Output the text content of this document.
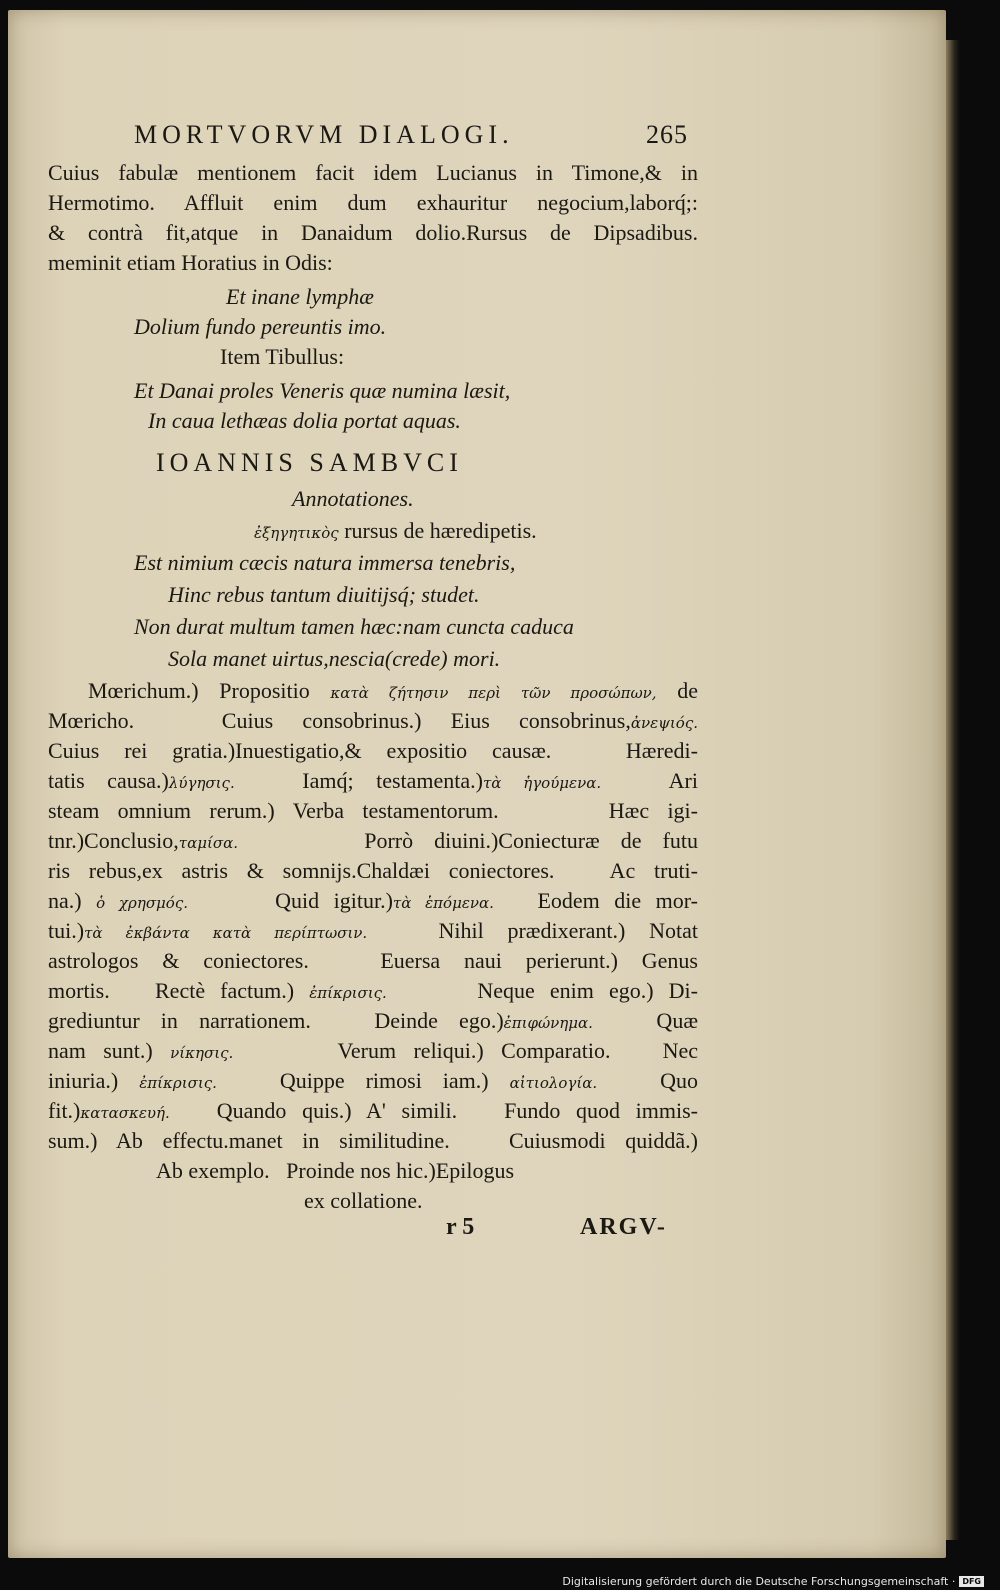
MORTVORVM DIALOGI.	265
Cuius fabulæ mentionem facit idem Lucianus in Timone,& in
Hermotimo. Affluit enim dum exhauritur negocium,laborq́;:
& contrà fit,atque in Danaidum dolio.Rursus de Dipsadibus.
meminit etiam Horatius in Odis:
Et inane lymphæ
Dolium fundo pereuntis imo.
Item Tibullus:
Et Danai proles Veneris quæ numina læsit,
In caua lethæas dolia portat aquas.
IOANNIS SAMBVCI
Annotationes.
ἐξηγητικὸς rursus de hæredipetis.
Est nimium cæcis natura immersa tenebris,
Hinc rebus tantum diuitijsq́; studet.
Non durat multum tamen hæc:nam cuncta caduca
Sola manet uirtus,nescia(crede) mori.
Mœrichum.) Propositio κατὰ ζήτησιν περὶ τῶν προσώπων, de
Mœricho.   Cuius consobrinus.) Eius consobrinus,ἀνεψιός.
Cuius rei gratia.)Inuestigatio,& expositio causæ.   Hæredi-
tatis causa.)λύγησις.   Iamq́; testamenta.)τὰ ἡγούμενα.   Ari
steam omnium rerum.) Verba testamentorum.      Hæc igi-
tnr.)Conclusio,ταμίσα.      Porrò diuini.)Coniecturæ de futu
ris rebus,ex astris & somnijs.Chaldæi coniectores.   Ac truti-
na.) ὁ χρησμός.      Quid igitur.)τὰ ἑπόμενα.   Eodem die mor-
tui.)τὰ ἐκβάντα κατὰ περίπτωσιν.   Nihil prædixerant.) Notat
astrologos & coniectores.   Euersa naui perierunt.) Genus
mortis.   Rectè factum.) ἐπίκρισις.      Neque enim ego.) Di-
grediuntur in narrationem.   Deinde ego.)ἐπιφώνημα.   Quæ
nam sunt.) νίκησις.      Verum reliqui.) Comparatio.   Nec
iniuria.) ἐπίκρισις.   Quippe rimosi iam.) αἰτιολογία.   Quo
fit.)κατασκευή.   Quando quis.) A' simili.   Fundo quod immis-
sum.) Ab effectu.manet in similitudine.   Cuiusmodi quiddã.)
Ab exemplo.   Proinde nos hic.)Epilogus
ex collatione.
r 5	ARGV-
Digitalisierung gefördert durch die Deutsche Forschungsgemeinschaft · DFG
